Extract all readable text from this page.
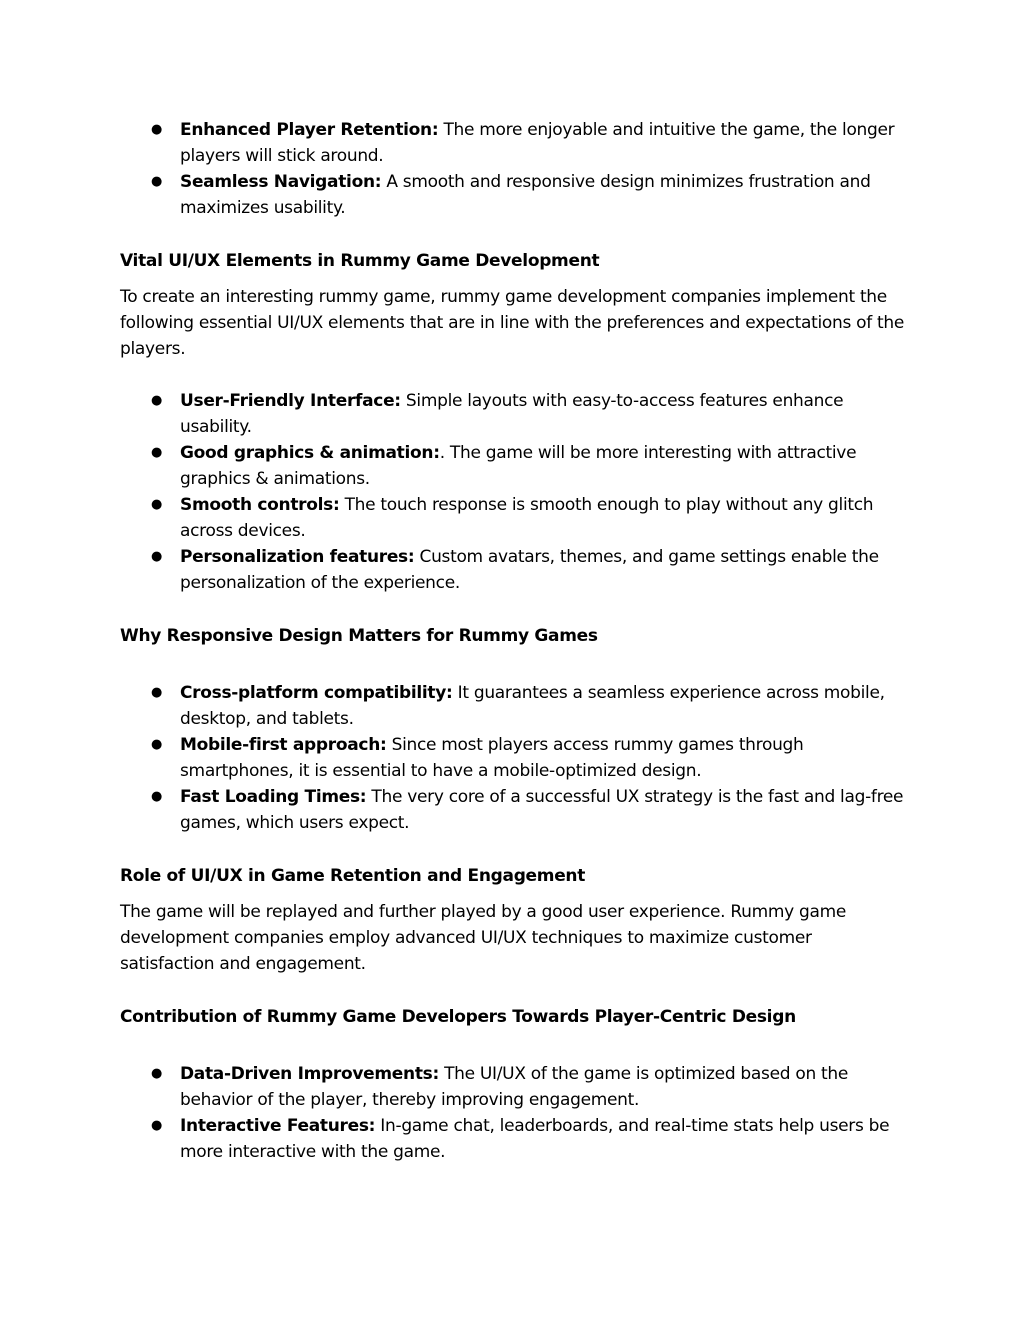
● Enhanced Player Retention: The more enjoyable and intuitive the game, the longer players will stick around.
● Seamless Navigation: A smooth and responsive design minimizes frustration and maximizes usability.
Vital UI/UX Elements in Rummy Game Development

To create an interesting rummy game, rummy game development companies implement the following essential UI/UX elements that are in line with the preferences and expectations of the players.

● User-Friendly Interface: Simple layouts with easy-to-access features enhance usability.
● Good graphics & animation:. The game will be more interesting with attractive graphics & animations.
● Smooth controls: The touch response is smooth enough to play without any glitch across devices.
● Personalization features: Custom avatars, themes, and game settings enable the personalization of the experience.
Why Responsive Design Matters for Rummy Games
● Cross-platform compatibility: It guarantees a seamless experience across mobile, desktop, and tablets.
● Mobile-first approach: Since most players access rummy games through smartphones, it is essential to have a mobile-optimized design.
● Fast Loading Times: The very core of a successful UX strategy is the fast and lag-free games, which users expect.
Role of UI/UX in Game Retention and Engagement

The game will be replayed and further played by a good user experience. Rummy game development companies employ advanced UI/UX techniques to maximize customer satisfaction and engagement.

Contribution of Rummy Game Developers Towards Player-Centric Design
● Data-Driven Improvements: The UI/UX of the game is optimized based on the behavior of the player, thereby improving engagement.
● Interactive Features: In-game chat, leaderboards, and real-time stats help users be more interactive with the game.
